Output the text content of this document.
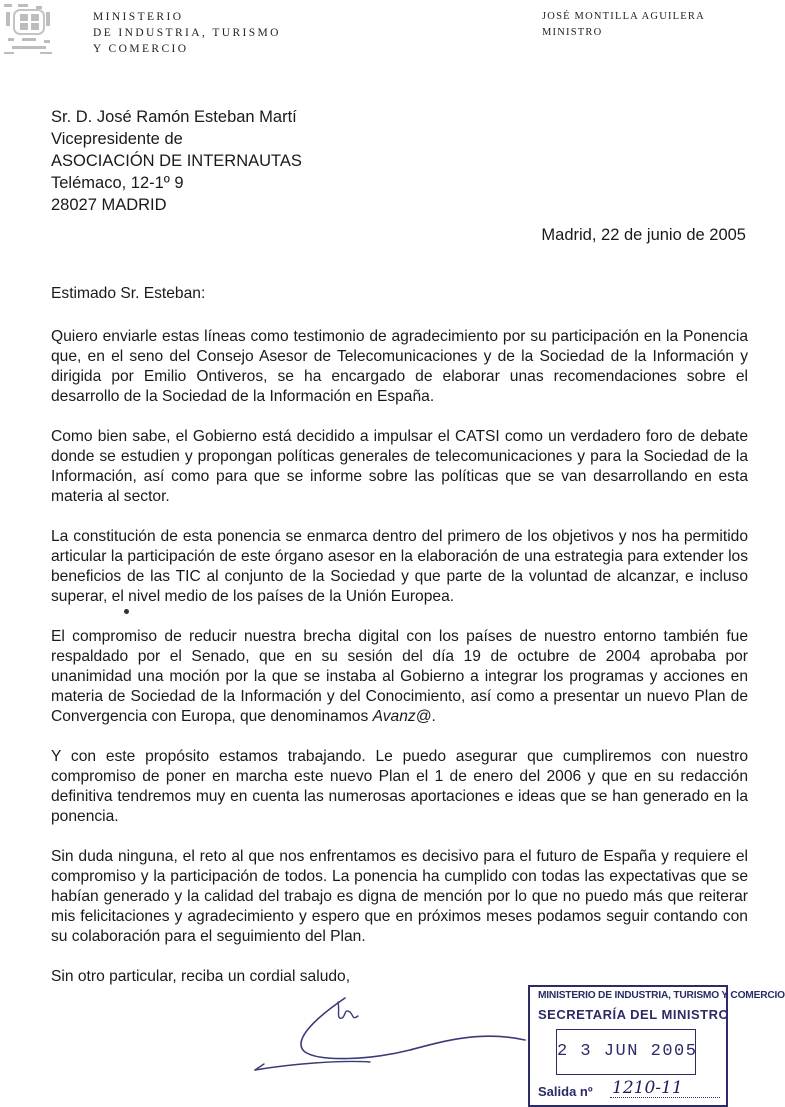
MINISTERIO
DE INDUSTRIA, TURISMO
Y COMERCIO
JOSÉ MONTILLA AGUILERA
MINISTRO
Sr. D. José Ramón Esteban Martí
Vicepresidente de
ASOCIACIÓN DE INTERNAUTAS
Telémaco, 12-1º 9
28027 MADRID
Madrid, 22 de junio de 2005

Estimado Sr. Esteban:

Quiero enviarle estas líneas como testimonio de agradecimiento por su participación en la Ponencia que, en el seno del Consejo Asesor de Telecomunicaciones y de la Sociedad de la Información y dirigida por Emilio Ontiveros, se ha encargado de elaborar unas recomendaciones sobre el desarrollo de la Sociedad de la Información en España.

Como bien sabe, el Gobierno está decidido a impulsar el CATSI como un verdadero foro de debate donde se estudien y propongan políticas generales de telecomunicaciones y para la Sociedad de la Información, así como para que se informe sobre las políticas que se van desarrollando en esta materia al sector.

La constitución de esta ponencia se enmarca dentro del primero de los objetivos y nos ha permitido articular la participación de este órgano asesor en la elaboración de una estrategia para extender los beneficios de las TIC al conjunto de la Sociedad y que parte de la voluntad de alcanzar, e incluso superar, el nivel medio de los países de la Unión Europea.

El compromiso de reducir nuestra brecha digital con los países de nuestro entorno también fue respaldado por el Senado, que en su sesión del día 19 de octubre de 2004 aprobaba por unanimidad una moción por la que se instaba al Gobierno a integrar los programas y acciones en materia de Sociedad de la Información y del Conocimiento, así como a presentar un nuevo Plan de Convergencia con Europa, que denominamos Avanz@.

Y con este propósito estamos trabajando. Le puedo asegurar que cumpliremos con nuestro compromiso de poner en marcha este nuevo Plan el 1 de enero del 2006 y que en su redacción definitiva tendremos muy en cuenta las numerosas aportaciones e ideas que se han generado en la ponencia.

Sin duda ninguna, el reto al que nos enfrentamos es decisivo para el futuro de España y requiere el compromiso y la participación de todos. La ponencia ha cumplido con todas las expectativas que se habían generado y la calidad del trabajo es digna de mención por lo que no puedo más que reiterar mis felicitaciones y agradecimiento y espero que en próximos meses podamos seguir contando con su colaboración para el seguimiento del Plan.

Sin otro particular, reciba un cordial saludo,

MINISTERIO DE INDUSTRIA, TURISMO Y COMERCIO
SECRETARÍA DEL MINISTRO
2 3 JUN 2005
Salida nº 1210-11
